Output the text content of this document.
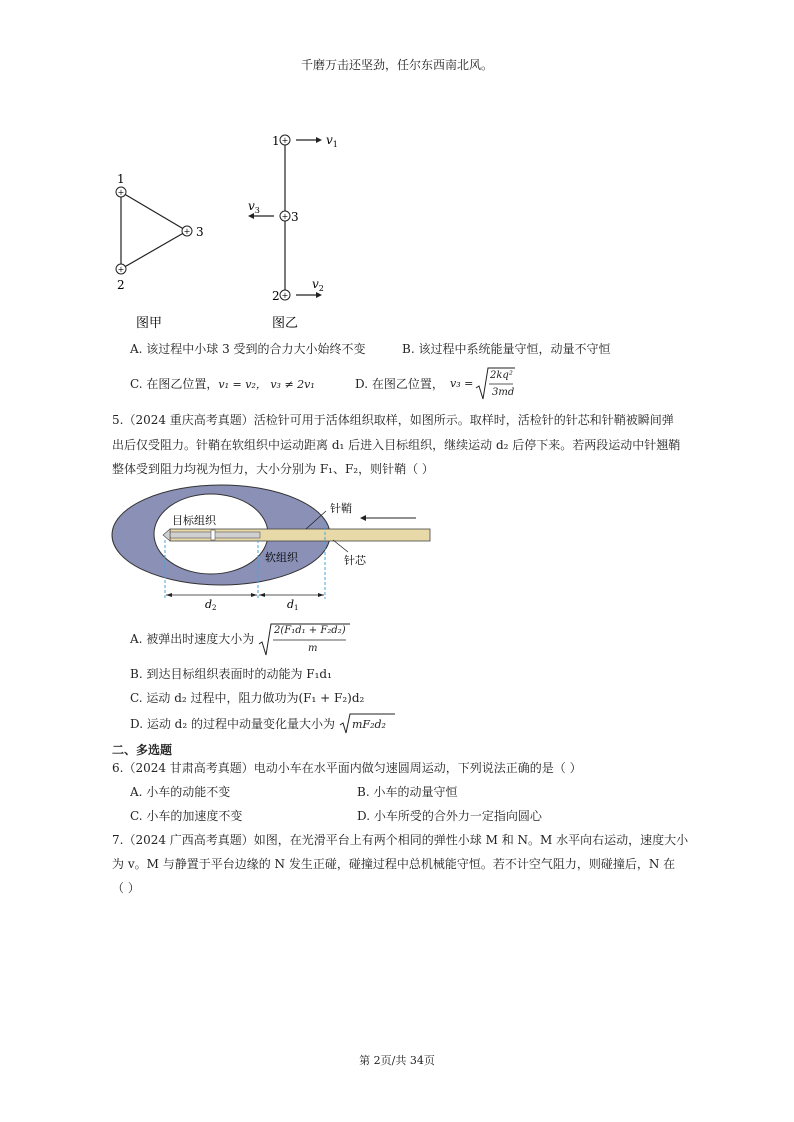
千磨万击还坚劲，任尔东西南北风。
+
+
+
1
2
3
图甲
+
+
+
1
3
2
$v_1$
$v_3$
$v_2$
图乙
A. 该过程中小球 3 受到的合力大小始终不变	B. 该过程中系统能量守恒，动量不守恒
C. 在图乙位置，v₁ = v₂， v₃ ≠ 2v₁	D. 在图乙位置， v₃ =
2kq²
3md
5.（2024 重庆高考真题）活检针可用于活体组织取样，如图所示。取样时，活检针的针芯和针鞘被瞬间弹
出后仅受阻力。针鞘在软组织中运动距离 d₁ 后进入目标组织，继续运动 d₂ 后停下来。若两段运动中针翘鞘
整体受到阻力均视为恒力，大小分别为 F₁、F₂，则针鞘（ ）
目标组织
软组织
针鞘
针芯
d2	d1
A. 被弹出时速度大小为
2(F₁d₁ + F₂d₂)
m
B. 到达目标组织表面时的动能为 F₁d₁
C. 运动 d₂ 过程中，阻力做功为(F₁ + F₂)d₂
D. 运动 d₂ 的过程中动量变化量大小为 mF₂d₂
二、多选题
6.（2024 甘肃高考真题）电动小车在水平面内做匀速圆周运动，下列说法正确的是（ ）
A. 小车的动能不变	B. 小车的动量守恒
C. 小车的加速度不变	D. 小车所受的合外力一定指向圆心
7.（2024 广西高考真题）如图，在光滑平台上有两个相同的弹性小球 M 和 N。M 水平向右运动，速度大小
为 v。M 与静置于平台边缘的 N 发生正碰，碰撞过程中总机械能守恒。若不计空气阻力，则碰撞后，N 在
（ ）
第 2页/共 34页
